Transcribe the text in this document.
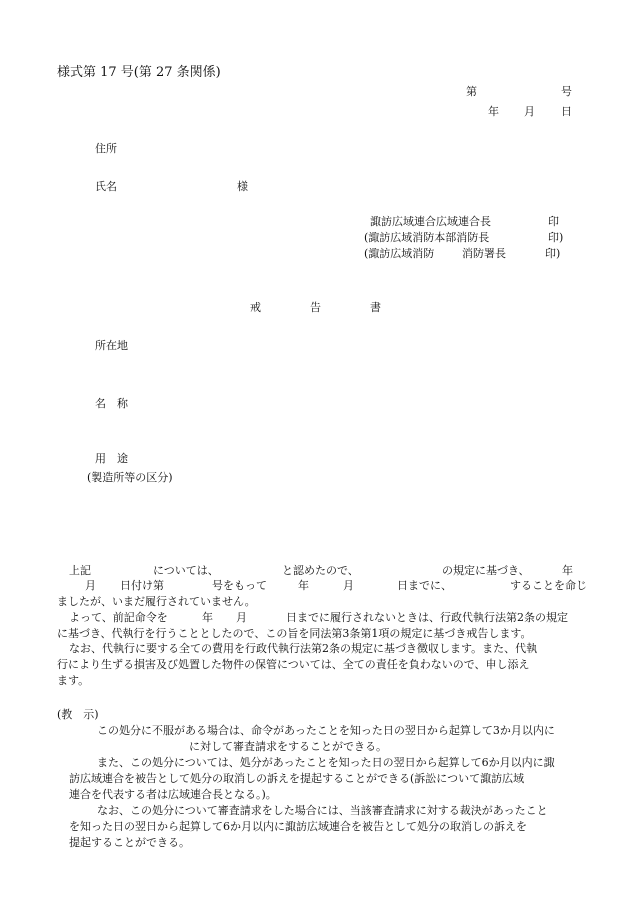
様式第 17 号(第 27 条関係)
第	号
年 月 日
住所
氏名	様
諏訪広域連合広域連合長	印
(諏訪広域消防本部消防長	印)
(諏訪広域消防	消防署長	印)
戒	告	書
所在地
名　称
用　途
(製造所等の区分)
上記	については、	と認めたので、	の規定に基づき、	年
月 日付け第	号をもって	年	月	日までに、	することを命じ
ましたが、いまだ履行されていません。
よって、前記命令を	年 月	日までに履行されないときは、行政代執行法第2条の規定
に基づき、代執行を行うこととしたので、この旨を同法第3条第1項の規定に基づき戒告します。
なお、代執行に要する全ての費用を行政代執行法第2条の規定に基づき徴収します。また、代執
行により生ずる損害及び処置した物件の保管については、全ての責任を負わないので、申し添え
ます。
(教　示)
この処分に不服がある場合は、命令があったことを知った日の翌日から起算して3か月以内に
に対して審査請求をすることができる。
また、この処分については、処分があったことを知った日の翌日から起算して6か月以内に諏
訪広域連合を被告として処分の取消しの訴えを提起することができる(訴訟について諏訪広域
連合を代表する者は広域連合長となる。)。
なお、この処分について審査請求をした場合には、当該審査請求に対する裁決があったこと
を知った日の翌日から起算して6か月以内に諏訪広域連合を被告として処分の取消しの訴えを
提起することができる。
